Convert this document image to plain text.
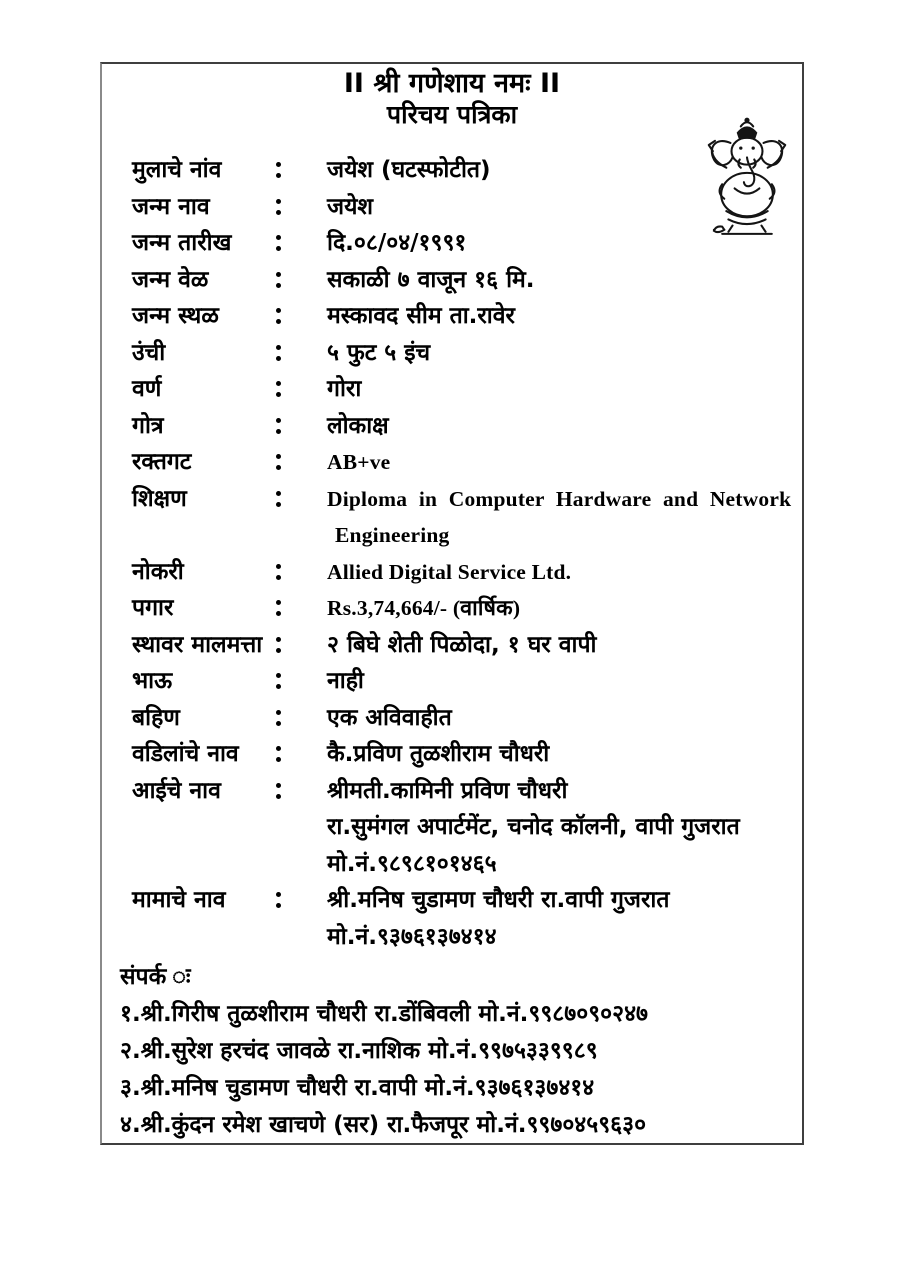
II श्री गणेशाय नमः II
परिचय पत्रिका
मुलाचे नांव	जयेश (घटस्फोटीत)
जन्म नाव	जयेश
जन्म तारीख	दि.०८/०४/१९९१
जन्म वेळ	सकाळी ७ वाजून १६ मि.
जन्म स्थळ	मस्कावद सीम ता.रावेर
उंची	५ फुट ५ इंच
वर्ण	गोरा
गोत्र	लोकाक्ष
रक्तगट	AB+ve
शिक्षण	Diploma in Computer Hardware and Network
Engineering
नोकरी	Allied Digital Service Ltd.
पगार	Rs.3,74,664/- (वार्षिक)
स्थावर मालमत्ता	२ बिघे शेती पिळोदा, १ घर वापी
भाऊ	नाही
बहिण	एक अविवाहीत
वडिलांचे नाव	कै.प्रविण तुळशीराम चौधरी
आईचे नाव	श्रीमती.कामिनी प्रविण चौधरी
रा.सुमंगल अपार्टमेंट, चनोद कॉलनी, वापी गुजरात
मो.नं.९८९८१०१४६५
मामाचे नाव	श्री.मनिष चुडामण चौधरी रा.वापी गुजरात
मो.नं.९३७६१३७४१४
संपर्क ः
१.श्री.गिरीष तुळशीराम चौधरी रा.डोंबिवली मो.नं.९९८७०९०२४७
२.श्री.सुरेश हरचंद जावळे रा.नाशिक मो.नं.९९७५३३९९८९
३.श्री.मनिष चुडामण चौधरी रा.वापी मो.नं.९३७६१३७४१४
४.श्री.कुंदन रमेश खाचणे (सर) रा.फैजपूर मो.नं.९९७०४५९६३०
